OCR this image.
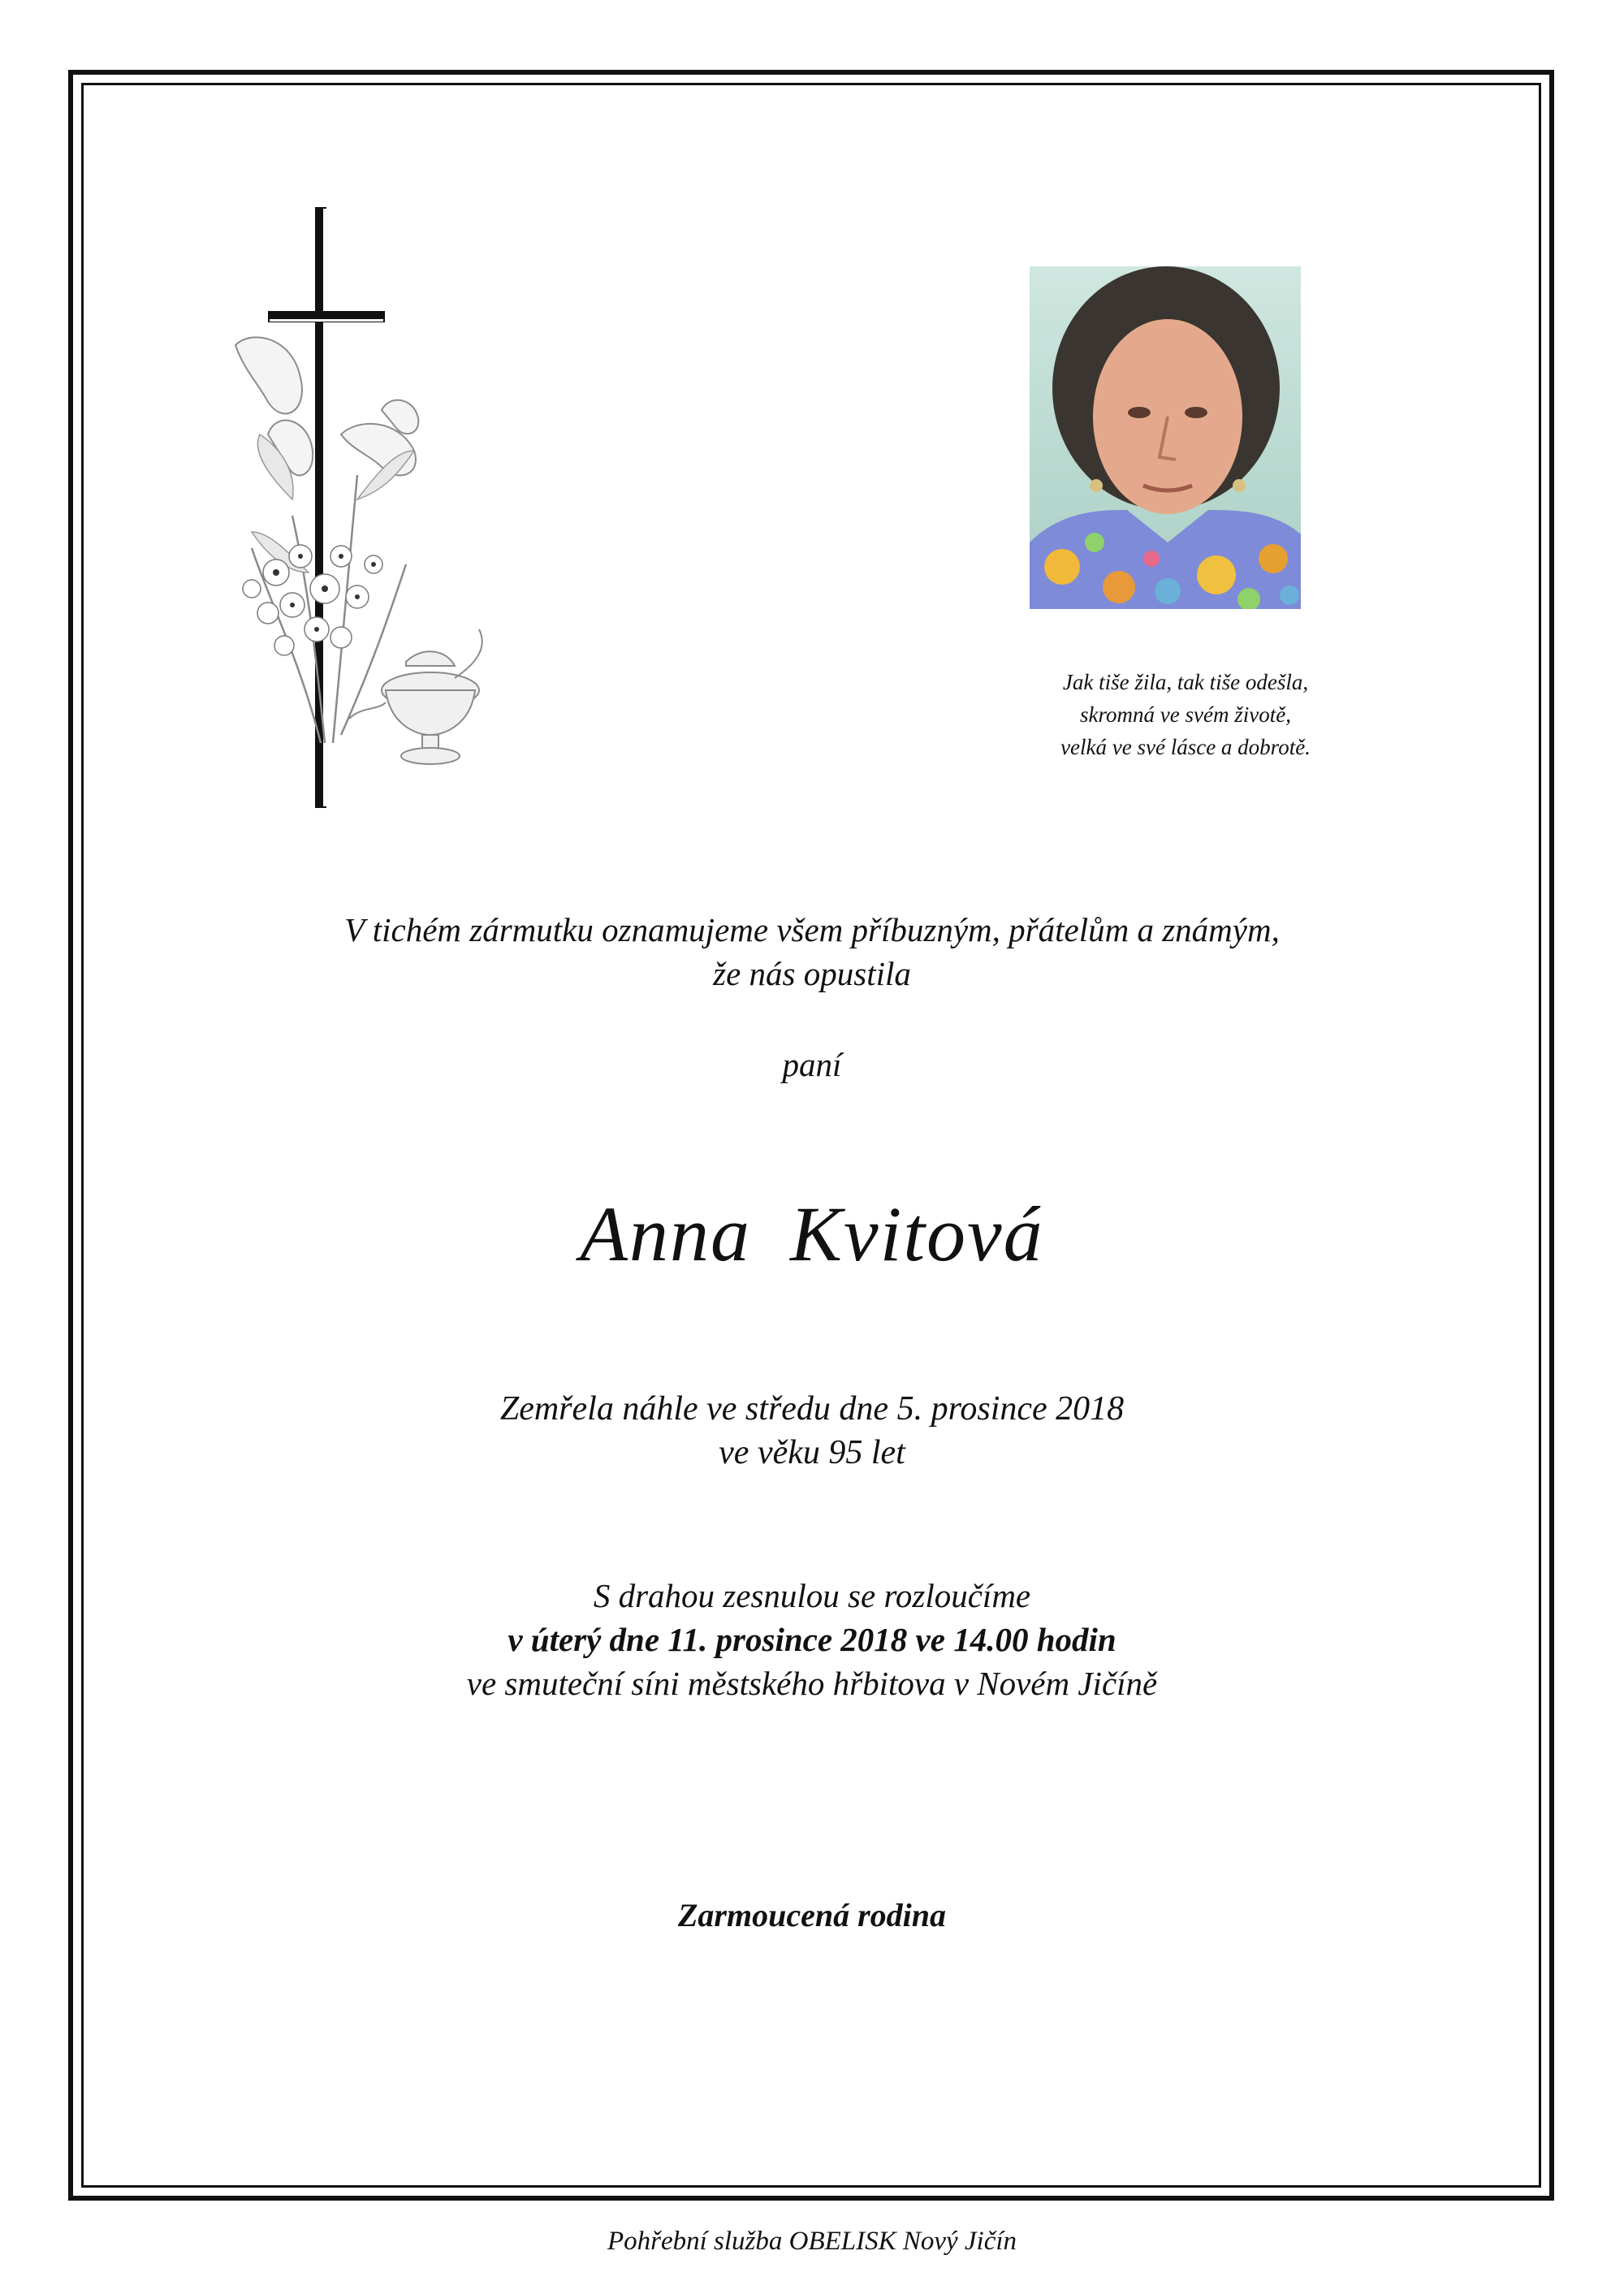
Jak tiše žila, tak tiše odešla,
skromná ve svém životě,
velká ve své lásce a dobrotě.
V tichém zármutku oznamujeme všem příbuzným, přátelům a známým,
že nás opustila
paní
Anna Kvitová
Zemřela náhle ve středu dne 5. prosince 2018
ve věku 95 let
S drahou zesnulou se rozloučíme
v úterý dne 11. prosince 2018 ve 14.00 hodin
ve smuteční síni městského hřbitova v Novém Jičíně
Zarmoucená rodina
Pohřební služba OBELISK Nový Jičín
